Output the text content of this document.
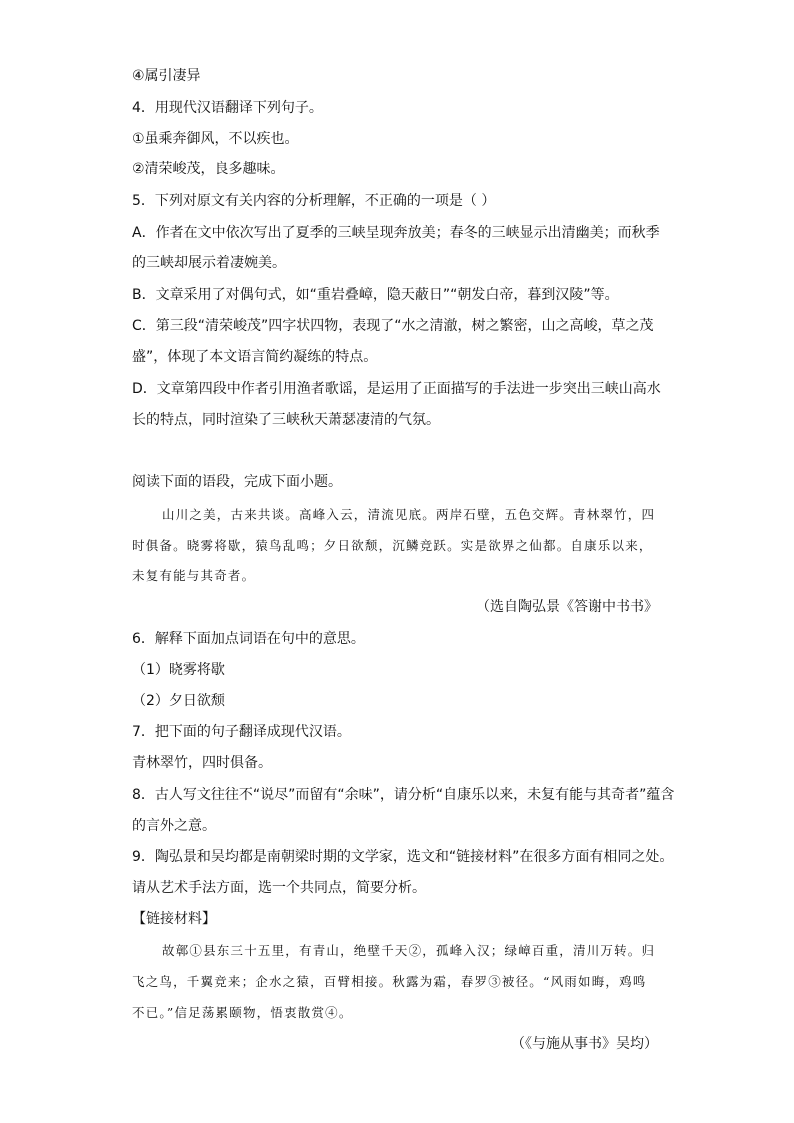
④属引凄异
4．用现代汉语翻译下列句子。
①虽乘奔御风，不以疾也。
②清荣峻茂，良多趣味。
5．下列对原文有关内容的分析理解，不正确的一项是（ ）
A．作者在文中依次写出了夏季的三峡呈现奔放美；春冬的三峡显示出清幽美；而秋季
的三峡却展示着凄婉美。
B．文章采用了对偶句式，如“重岩叠嶂，隐天蔽日”“朝发白帝，暮到汉陵”等。
C．第三段“清荣峻茂”四字状四物，表现了“水之清澈，树之繁密，山之高峻，草之茂
盛”，体现了本文语言简约凝练的特点。
D．文章第四段中作者引用渔者歌谣，是运用了正面描写的手法进一步突出三峡山高水
长的特点，同时渲染了三峡秋天萧瑟凄清的气氛。
阅读下面的语段，完成下面小题。
山川之美，古来共谈。高峰入云，清流见底。两岸石壁，五色交辉。青林翠竹，四
时俱备。晓雾将歇，猿鸟乱鸣；夕日欲颓，沉鳞竞跃。实是欲界之仙都。自康乐以来，
未复有能与其奇者。
（选自陶弘景《答谢中书书》
6．解释下面加点词语在句中的意思。
（1）晓雾将歇
（2）夕日欲颓
7．把下面的句子翻译成现代汉语。
青林翠竹，四时俱备。
8．古人写文往往不“说尽”而留有“余味”，请分析“自康乐以来，未复有能与其奇者”蕴含
的言外之意。
9．陶弘景和吴均都是南朝梁时期的文学家，选文和“链接材料”在很多方面有相同之处。
请从艺术手法方面，选一个共同点，简要分析。
【链接材料】
故鄣①县东三十五里，有青山，绝壁千天②，孤峰入汉；绿嶂百重，清川万转。归
飞之鸟，千翼竞来；企水之猿，百臂相接。秋露为霜，春罗③被径。“风雨如晦，鸡鸣
不已。”信足荡累颐物，悟衷散赏④。
（《与施从事书》吴均）
